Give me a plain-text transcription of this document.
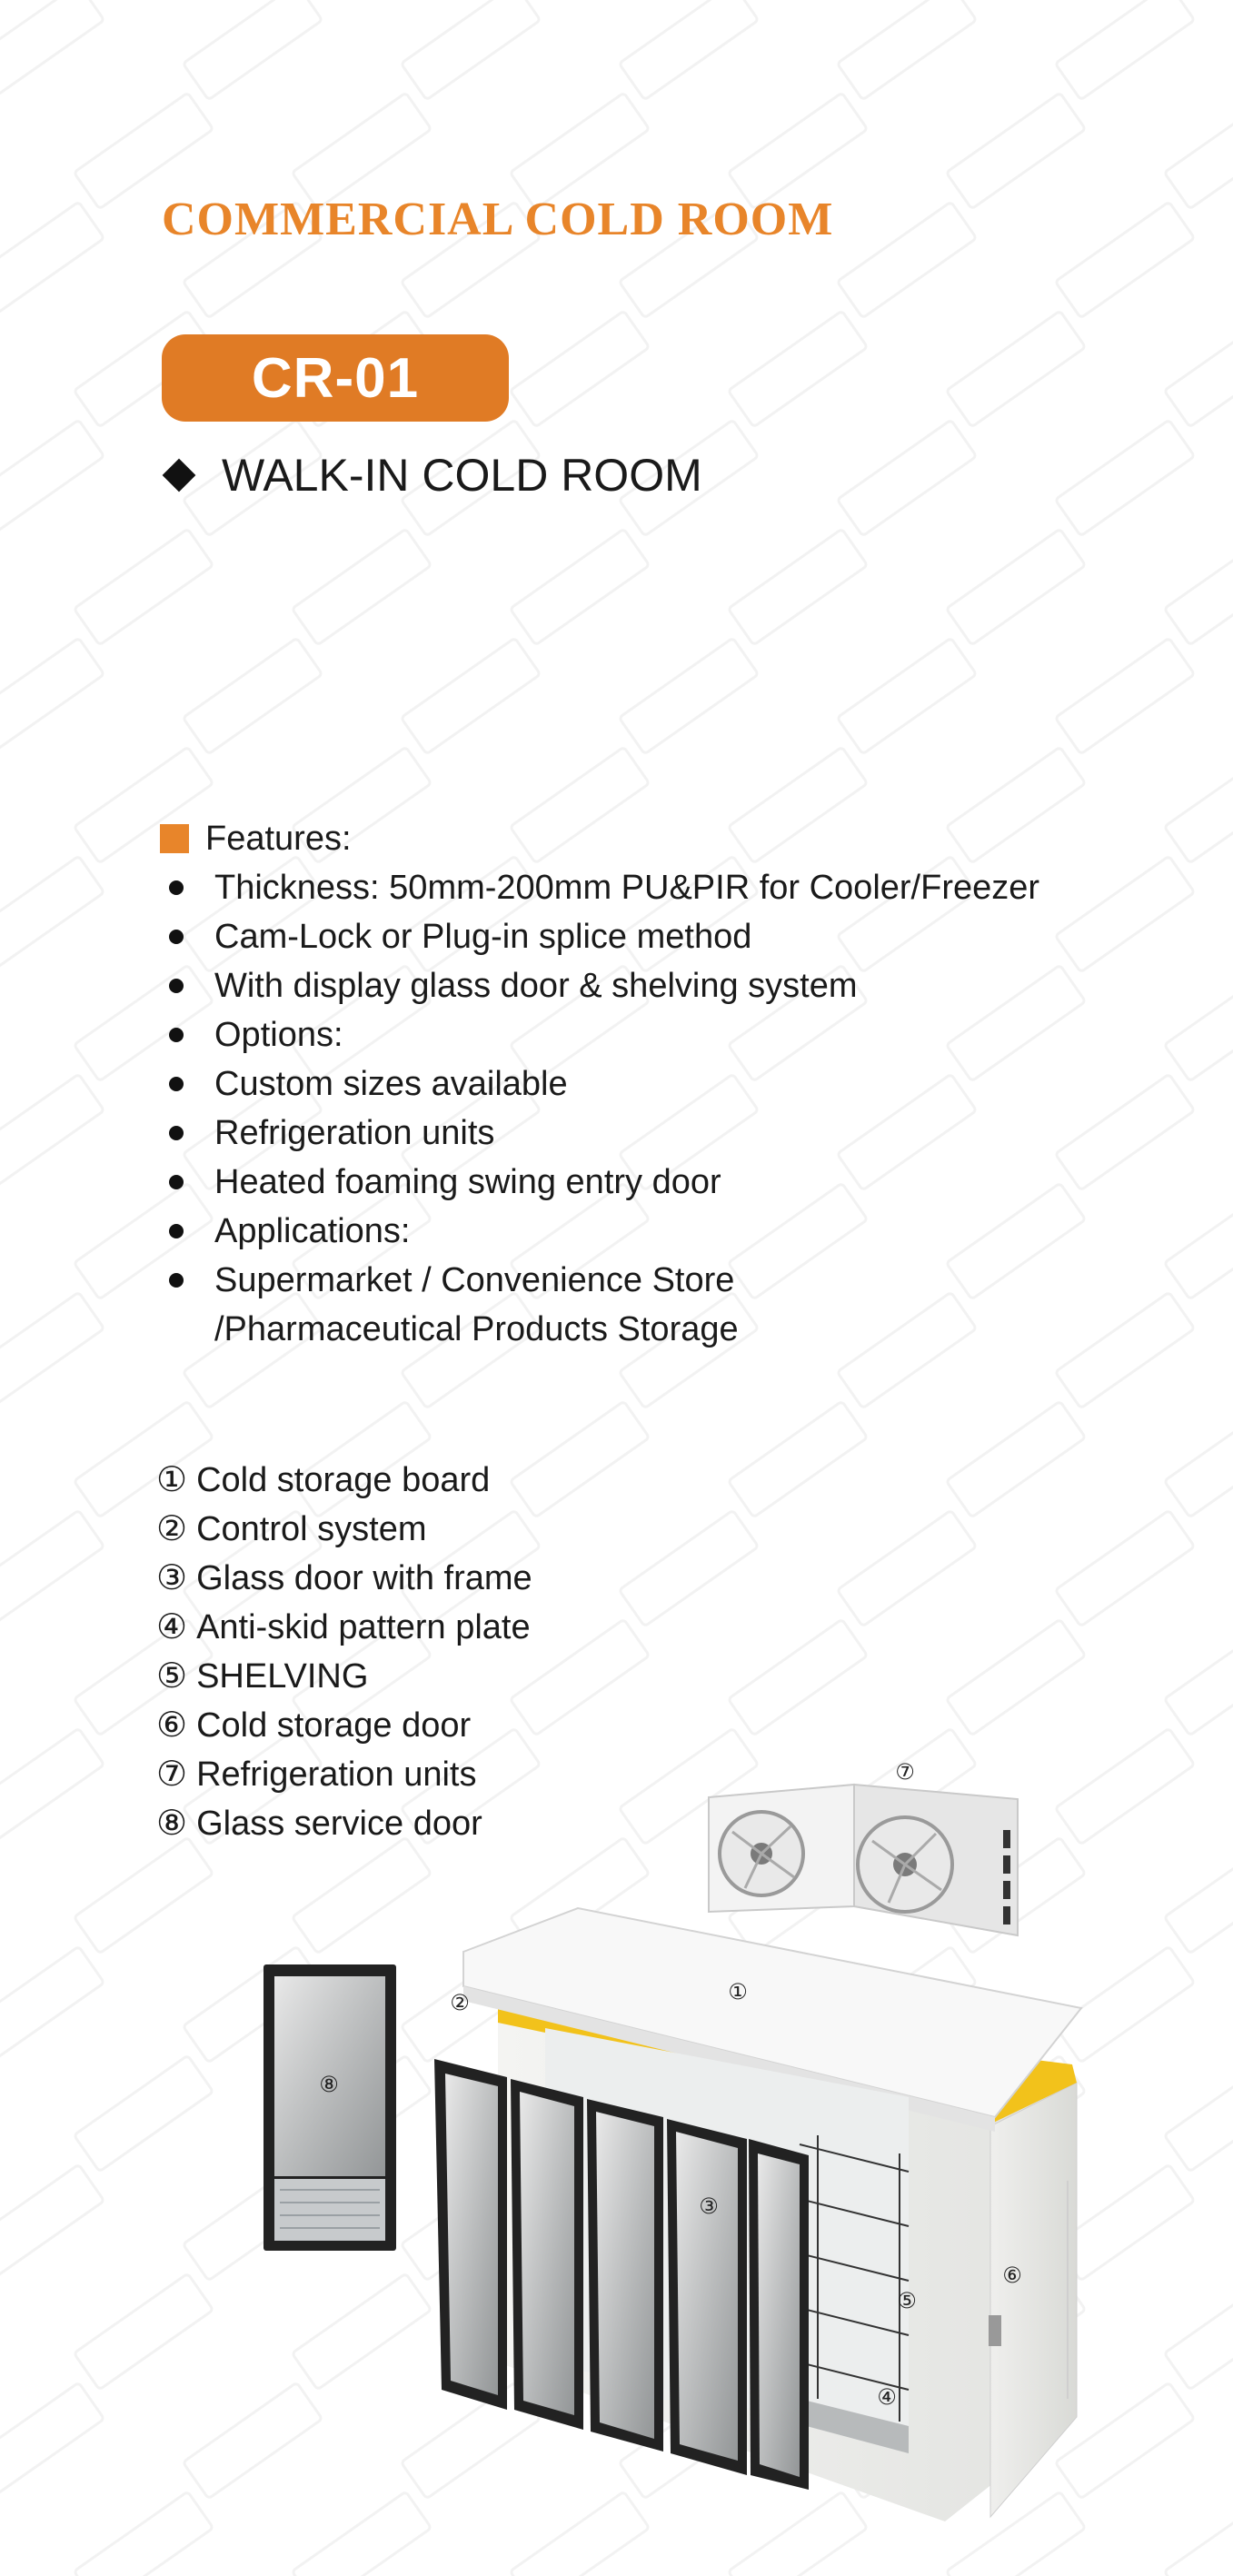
COMMERCIAL COLD ROOM
CR-01
WALK-IN COLD ROOM
Features:
Thickness: 50mm-200mm PU&PIR for Cooler/Freezer
Cam-Lock or Plug-in splice method
With display glass door & shelving system
Options:
Custom sizes available
Refrigeration units
Heated foaming swing entry door
Applications:
Supermarket / Convenience Store
/Pharmaceutical Products Storage
① Cold storage board
② Control system
③ Glass door with frame
④ Anti-skid pattern plate
⑤ SHELVING
⑥ Cold storage door
⑦ Refrigeration units
⑧ Glass service door
①
②
③
④
⑤
⑥
⑦
⑧
